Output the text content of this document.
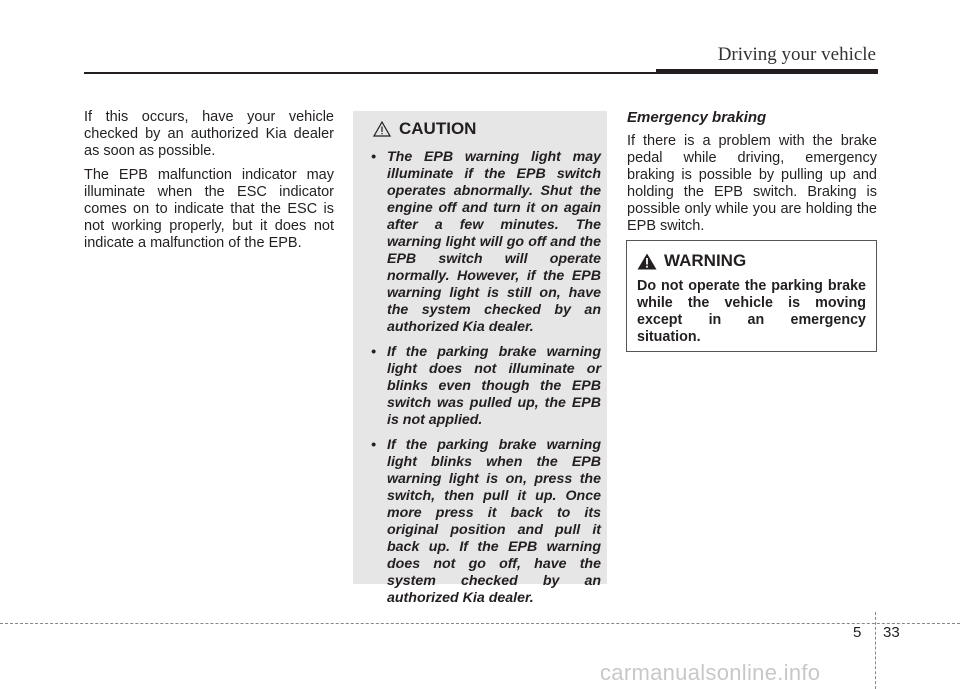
Driving your vehicle

If this occurs, have your vehicle checked by an authorized Kia dealer as soon as possible.

The EPB malfunction indicator may illuminate when the ESC indicator comes on to indicate that the ESC is not working properly, but it does not indicate a malfunction of the EPB.

CAUTION
• The EPB warning light may illuminate if the EPB switch operates abnormally. Shut the engine off and turn it on again after a few minutes. The warning light will go off and the EPB switch will operate normally. However, if the EPB warning light is still on, have the system checked by an authorized Kia dealer.
• If the parking brake warning light does not illuminate or blinks even though the EPB switch was pulled up, the EPB is not applied.
• If the parking brake warning light blinks when the EPB warning light is on, press the switch, then pull it up. Once more press it back to its original position and pull it back up. If the EPB warning does not go off, have the system checked by an authorized Kia dealer.

Emergency braking

If there is a problem with the brake pedal while driving, emergency braking is possible by pulling up and holding the EPB switch. Braking is possible only while you are holding the EPB switch.

WARNING

Do not operate the parking brake while the vehicle is moving except in an emergency situation.

5 33
carmanualsonline.info
